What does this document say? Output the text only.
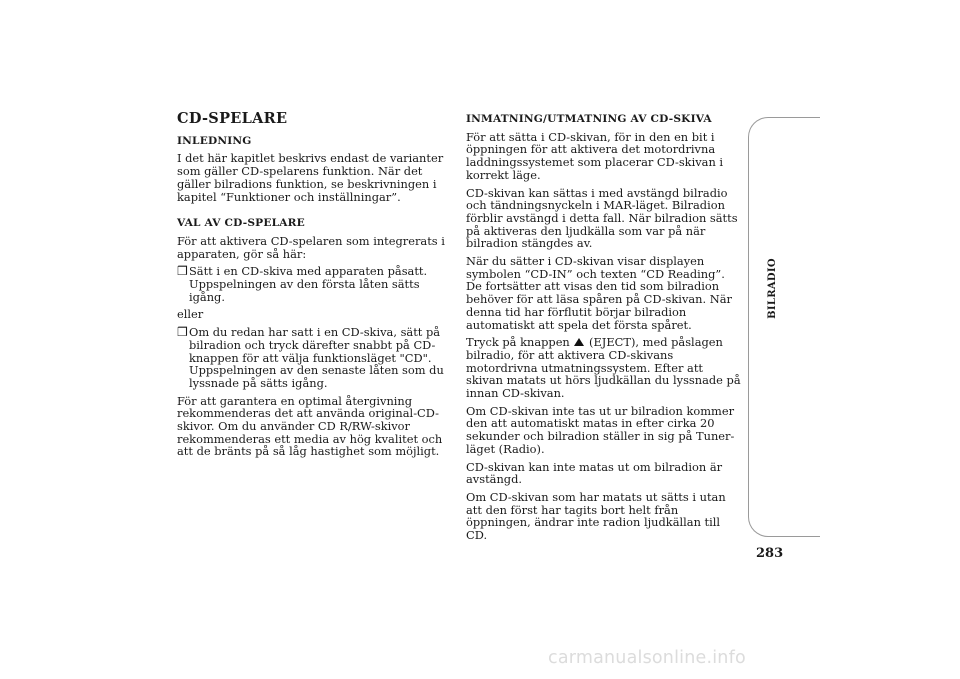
CD-SPELARE
INLEDNING

I det här kapitlet beskrivs endast de varianter som gäller CD-spelarens funktion. När det gäller bilradions funktion, se beskrivningen i kapitel “Funktioner och inställningar”.

VAL AV CD-SPELARE

För att aktivera CD-spelaren som integrerats i apparaten, gör så här:

❒ Sätt i en CD-skiva med apparaten påsatt. Uppspelningen av den första låten sätts igång.

eller

❒ Om du redan har satt i en CD-skiva, sätt på bilradion och tryck därefter snabbt på CD-knappen för att välja funktionsläget "CD". Uppspelningen av den senaste låten som du lyssnade på sätts igång.

För att garantera en optimal återgivning rekommenderas det att använda original-CD-skivor. Om du använder CD R/RW-skivor rekommenderas ett media av hög kvalitet och att de bränts på så låg hastighet som möjligt.

INMATNING/UTMATNING AV CD-SKIVA

För att sätta i CD-skivan, för in den en bit i öppningen för att aktivera det motordrivna laddningssystemet som placerar CD-skivan i korrekt läge.

CD-skivan kan sättas i med avstängd bilradio och tändningsnyckeln i MAR-läget. Bilradion förblir avstängd i detta fall. När bilradion sätts på aktiveras den ljudkälla som var på när bilradion stängdes av.

När du sätter i CD-skivan visar displayen symbolen “CD-IN” och texten “CD Reading”. De fortsätter att visas den tid som bilradion behöver för att läsa spåren på CD-skivan. När denna tid har förflutit börjar bilradion automatiskt att spela det första spåret.

Tryck på knappen (EJECT), med påslagen bilradio, för att aktivera CD-skivans motordrivna utmatningssystem. Efter att skivan matats ut hörs ljudkällan du lyssnade på innan CD-skivan.

Om CD-skivan inte tas ut ur bilradion kommer den att automatiskt matas in efter cirka 20 sekunder och bilradion ställer in sig på Tuner-läget (Radio).

CD-skivan kan inte matas ut om bilradion är avstängd.

Om CD-skivan som har matats ut sätts i utan att den först har tagits bort helt från öppningen, ändrar inte radion ljudkällan till CD.

BILRADIO
283
carmanualsonline.info
